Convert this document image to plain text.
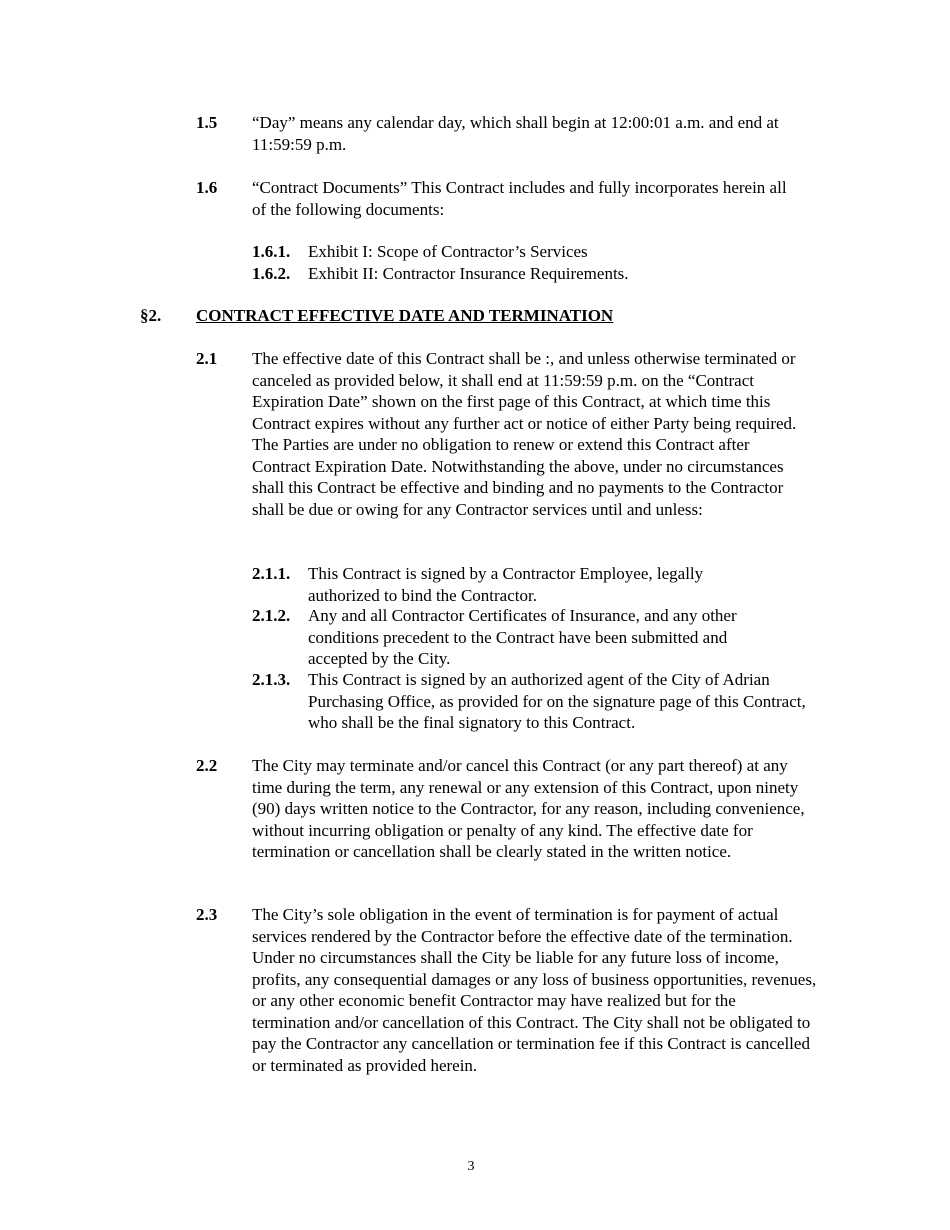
1.5 “Day” means any calendar day, which shall begin at 12:00:01 a.m. and end at 11:59:59 p.m.
1.6 “Contract Documents” This Contract includes and fully incorporates herein all of the following documents:
1.6.1. Exhibit I: Scope of Contractor’s Services
1.6.2. Exhibit II: Contractor Insurance Requirements.
§2. CONTRACT EFFECTIVE DATE AND TERMINATION
2.1 The effective date of this Contract shall be :, and unless otherwise terminated or canceled as provided below, it shall end at 11:59:59 p.m. on the “Contract Expiration Date” shown on the first page of this Contract, at which time this Contract expires without any further act or notice of either Party being required. The Parties are under no obligation to renew or extend this Contract after Contract Expiration Date. Notwithstanding the above, under no circumstances shall this Contract be effective and binding and no payments to the Contractor shall be due or owing for any Contractor services until and unless:
2.1.1. This Contract is signed by a Contractor Employee, legally authorized to bind the Contractor.
2.1.2. Any and all Contractor Certificates of Insurance, and any other conditions precedent to the Contract have been submitted and accepted by the City.
2.1.3. This Contract is signed by an authorized agent of the City of Adrian Purchasing Office, as provided for on the signature page of this Contract, who shall be the final signatory to this Contract.
2.2 The City may terminate and/or cancel this Contract (or any part thereof) at any time during the term, any renewal or any extension of this Contract, upon ninety (90) days written notice to the Contractor, for any reason, including convenience, without incurring obligation or penalty of any kind. The effective date for termination or cancellation shall be clearly stated in the written notice.
2.3 The City’s sole obligation in the event of termination is for payment of actual services rendered by the Contractor before the effective date of the termination. Under no circumstances shall the City be liable for any future loss of income, profits, any consequential damages or any loss of business opportunities, revenues, or any other economic benefit Contractor may have realized but for the termination and/or cancellation of this Contract. The City shall not be obligated to pay the Contractor any cancellation or termination fee if this Contract is cancelled or terminated as provided herein.
3
